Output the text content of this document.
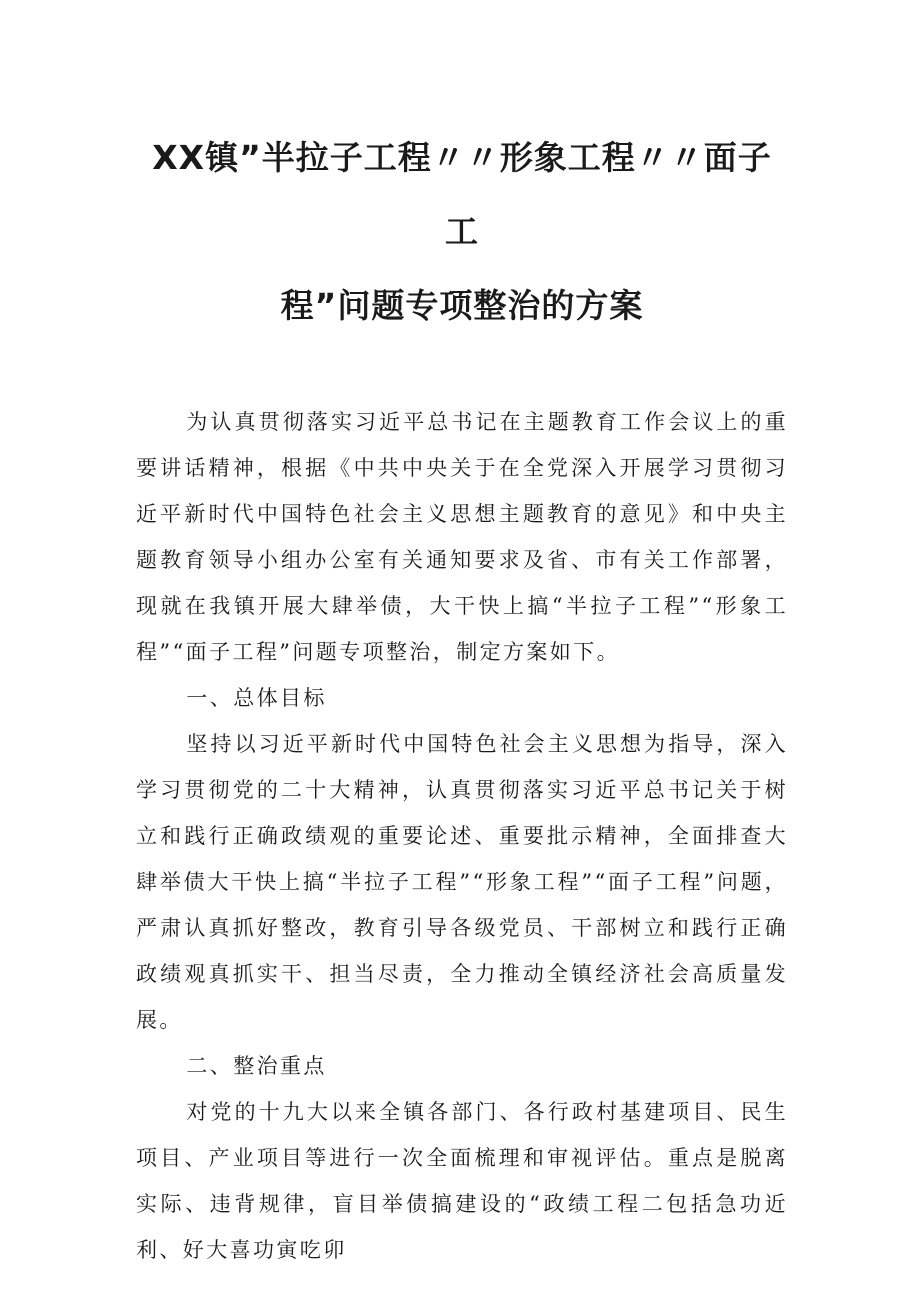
XX镇”半拉子工程〃〃形象工程〃〃面子工
程”问题专项整治的方案

为认真贯彻落实习近平总书记在主题教育工作会议上的重要讲话精神，根据《中共中央关于在全党深入开展学习贯彻习近平新时代中国特色社会主义思想主题教育的意见》和中央主题教育领导小组办公室有关通知要求及省、市有关工作部署，现就在我镇开展大肆举债，大干快上搞“半拉子工程”“形象工程”“面子工程”问题专项整治，制定方案如下。

一、总体目标

坚持以习近平新时代中国特色社会主义思想为指导，深入学习贯彻党的二十大精神，认真贯彻落实习近平总书记关于树立和践行正确政绩观的重要论述、重要批示精神，全面排查大肆举债大干快上搞“半拉子工程”“形象工程”“面子工程”问题，严肃认真抓好整改，教育引导各级党员、干部树立和践行正确政绩观真抓实干、担当尽责，全力推动全镇经济社会高质量发展。

二、整治重点

对党的十九大以来全镇各部门、各行政村基建项目、民生项目、产业项目等进行一次全面梳理和审视评估。重点是脱离实际、违背规律，盲目举债搞建设的“政绩工程二包括急功近利、好大喜功寅吃卯
